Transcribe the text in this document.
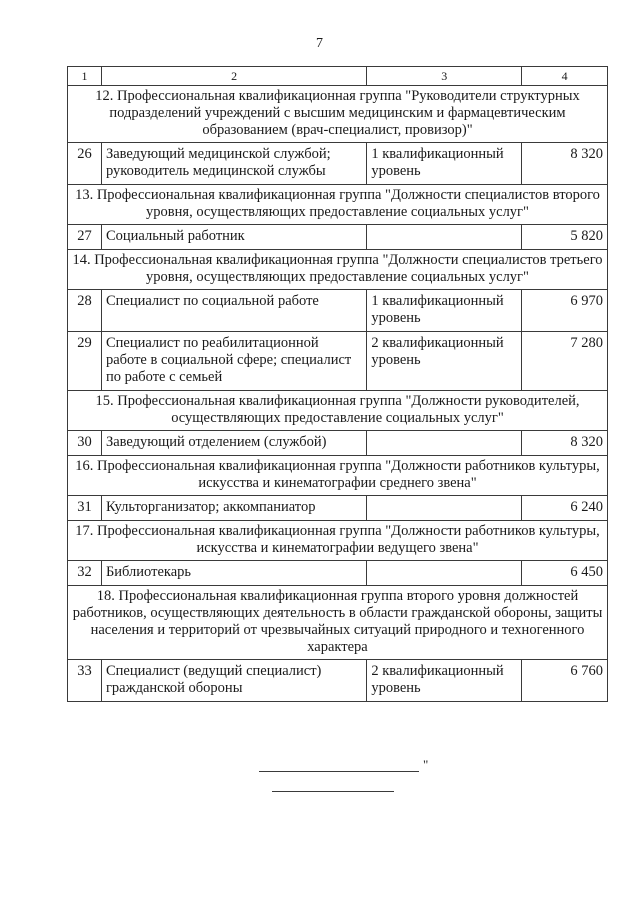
7
1	2	3	4
12. Профессиональная квалификационная группа "Руководители структурных подразделений учреждений с высшим медицинским и фармацевтическим образованием (врач-специалист, провизор)"			
26	Заведующий медицинской службой; руководитель медицинской службы	1 квалификационный уровень	8 320
13. Профессиональная квалификационная группа "Должности специалистов второго уровня, осуществляющих предоставление социальных услуг"			
27	Социальный работник		5 820
14. Профессиональная квалификационная группа "Должности специалистов третьего уровня, осуществляющих предоставление социальных услуг"			
28	Специалист по социальной работе	1 квалификационный уровень	6 970
29	Специалист по реабилитационной работе в социальной сфере; специалист по работе с семьей	2 квалификационный уровень	7 280
15. Профессиональная квалификационная группа "Должности руководителей, осуществляющих предоставление социальных услуг"			
30	Заведующий отделением (службой)		8 320
16. Профессиональная квалификационная группа "Должности работников культуры, искусства и кинематографии среднего звена"			
31	Культорганизатор; аккомпаниатор		6 240
17. Профессиональная квалификационная группа "Должности работников культуры, искусства и кинематографии ведущего звена"			
32	Библиотекарь		6 450
18. Профессиональная квалификационная группа второго уровня должностей работников, осуществляющих деятельность в области гражданской обороны, защиты населения и территорий от чрезвычайных ситуаций природного и техногенного характера			
33	Специалист (ведущий специалист) гражданской обороны	2 квалификационный уровень	6 760
"
